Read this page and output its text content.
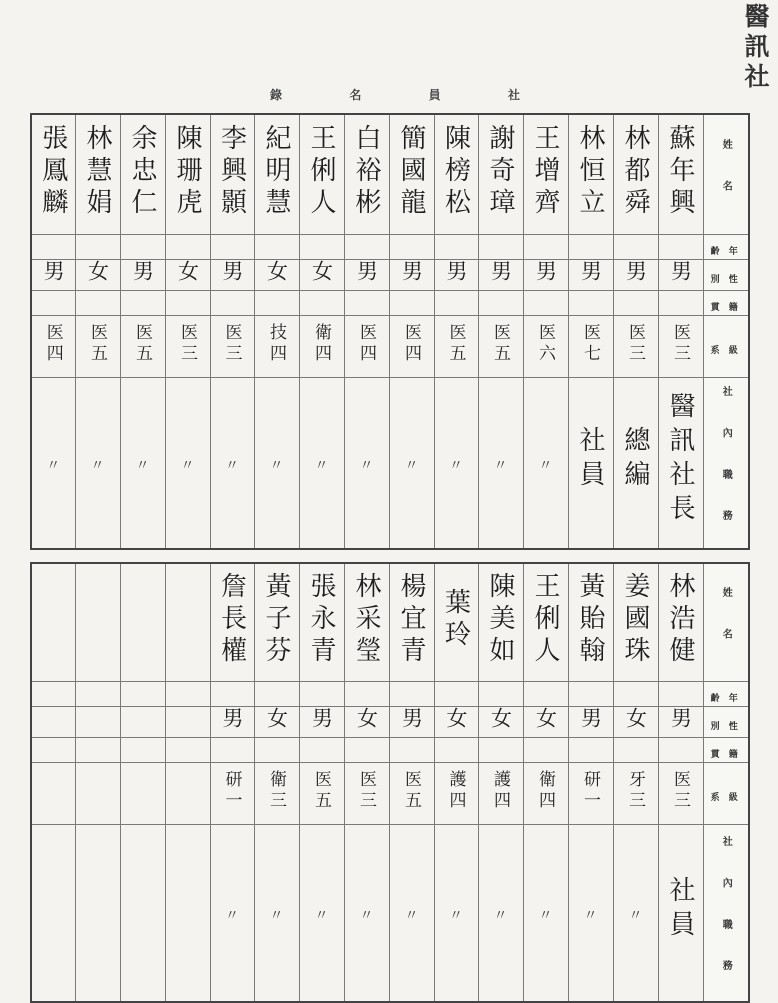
醫訊社
錄	名	員	社
張鳳麟	林慧娟	余忠仁	陳珊虎	李興顥	紀明慧	王俐人	白裕彬	簡國龍	陳榜松	謝奇璋	王增齊	林恒立	林都舜	蘇年興	姓 名
															齡 年
男	女	男	女	男	女	女	男	男	男	男	男	男	男	男	別 性
															貫 籍
医四	医五	医五	医三	医三	技四	衛四	医四	医四	医五	医五	医六	医七	医三	医三	系 級
〃	〃	〃	〃	〃	〃	〃	〃	〃	〃	〃	〃	社員	總編	醫訊社長	社 內 職 務
				詹長權	黃子芬	張永青	林采瑩	楊宜青	葉玲	陳美如	王俐人	黃貽翰	姜國珠	林浩健	姓 名
															齡 年
				男	女	男	女	男	女	女	女	男	女	男	別 性
															貫 籍
				研一	衛三	医五	医三	医五	護四	護四	衛四	研一	牙三	医三	系 級
				〃	〃	〃	〃	〃	〃	〃	〃	〃	〃	社員	社 內 職 務
